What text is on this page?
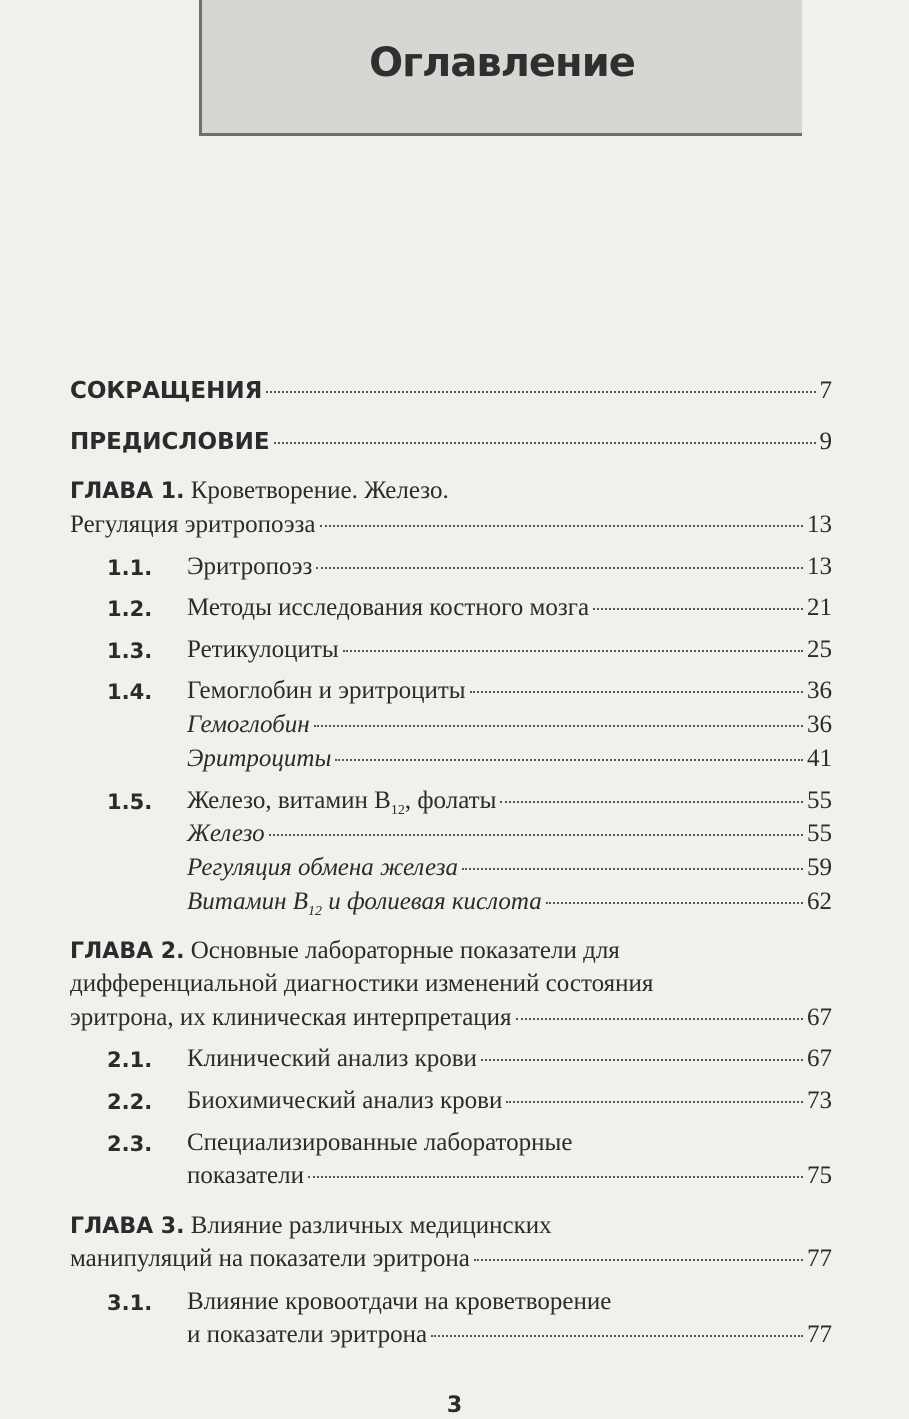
Оглавление
СОКРАЩЕНИЯ	7
ПРЕДИСЛОВИЕ	9
ГЛАВА 1. Кроветворение. Железо.
Регуляция эритропоэза	13
1.1. Эритропоэз	13
1.2. Методы исследования костного мозга	21
1.3. Ретикулоциты	25
1.4. Гемоглобин и эритроциты	36
Гемоглобин	36
Эритроциты	41
1.5. Железо, витамин $B_{12}$, фолаты	55
Железо	55
Регуляция обмена железа	59
Витамин $B_{12}$ и фолиевая кислота	62
ГЛАВА 2. Основные лабораторные показатели для
дифференциальной диагностики изменений состояния
эритрона, их клиническая интерпретация	67
2.1. Клинический анализ крови	67
2.2. Биохимический анализ крови	73
2.3. Специализированные лабораторные
показатели	75
ГЛАВА 3. Влияние различных медицинских
манипуляций на показатели эритрона	77
3.1. Влияние кровоотдачи на кроветворение
и показатели эритрона	77
3
